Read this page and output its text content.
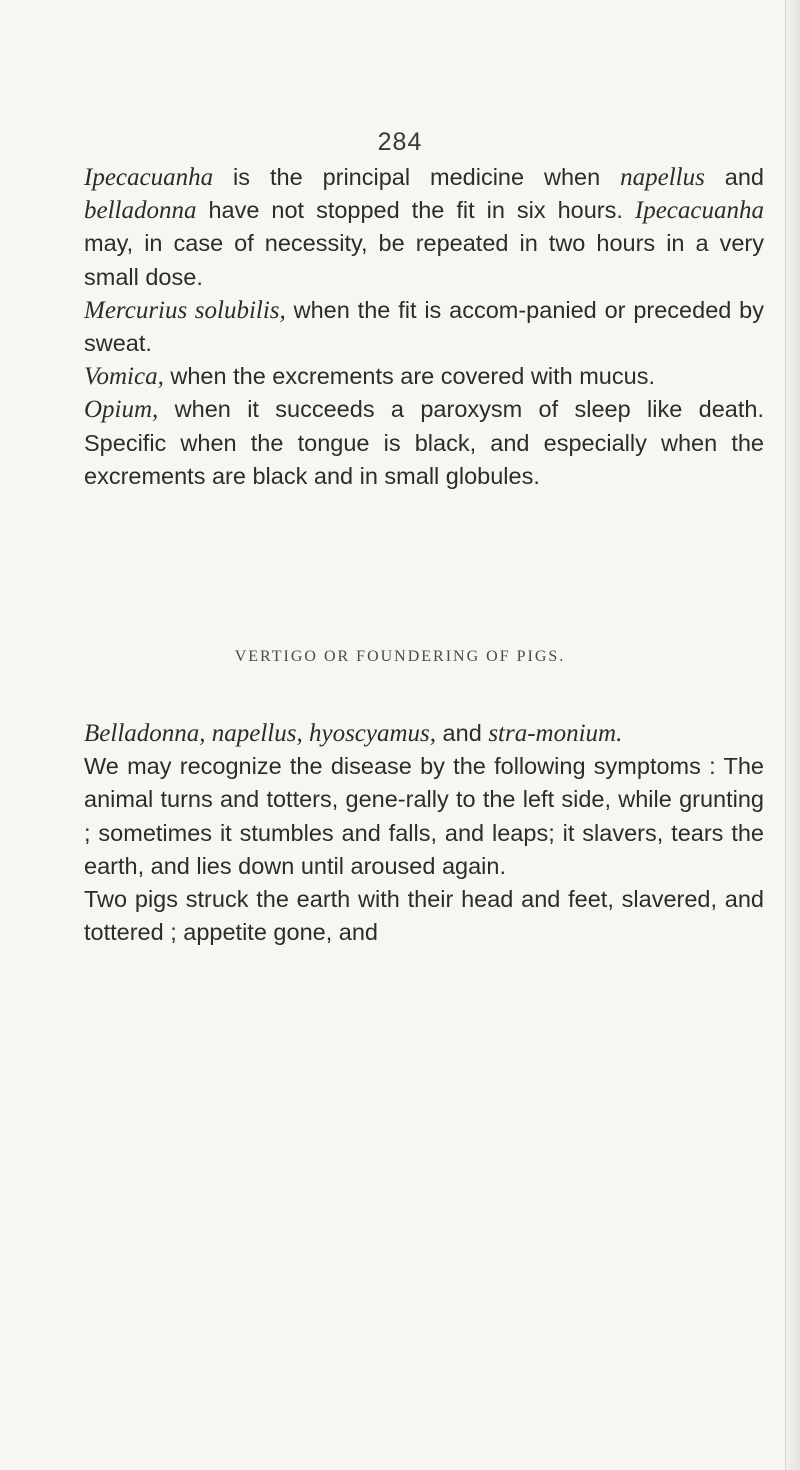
284

Ipecacuanha is the principal medicine when napellus and belladonna have not stopped the fit in six hours. Ipecacuanha may, in case of necessity, be repeated in two hours in a very small dose.

Mercurius solubilis, when the fit is accom-panied or preceded by sweat.

Vomica, when the excrements are covered with mucus.

Opium, when it succeeds a paroxysm of sleep like death. Specific when the tongue is black, and especially when the excrements are black and in small globules.

VERTIGO OR FOUNDERING OF PIGS.

Belladonna, napellus, hyoscyamus, and stra-monium.

We may recognize the disease by the following symptoms : The animal turns and totters, gene-rally to the left side, while grunting ; sometimes it stumbles and falls, and leaps; it slavers, tears the earth, and lies down until aroused again.

Two pigs struck the earth with their head and feet, slavered, and tottered ; appetite gone, and
